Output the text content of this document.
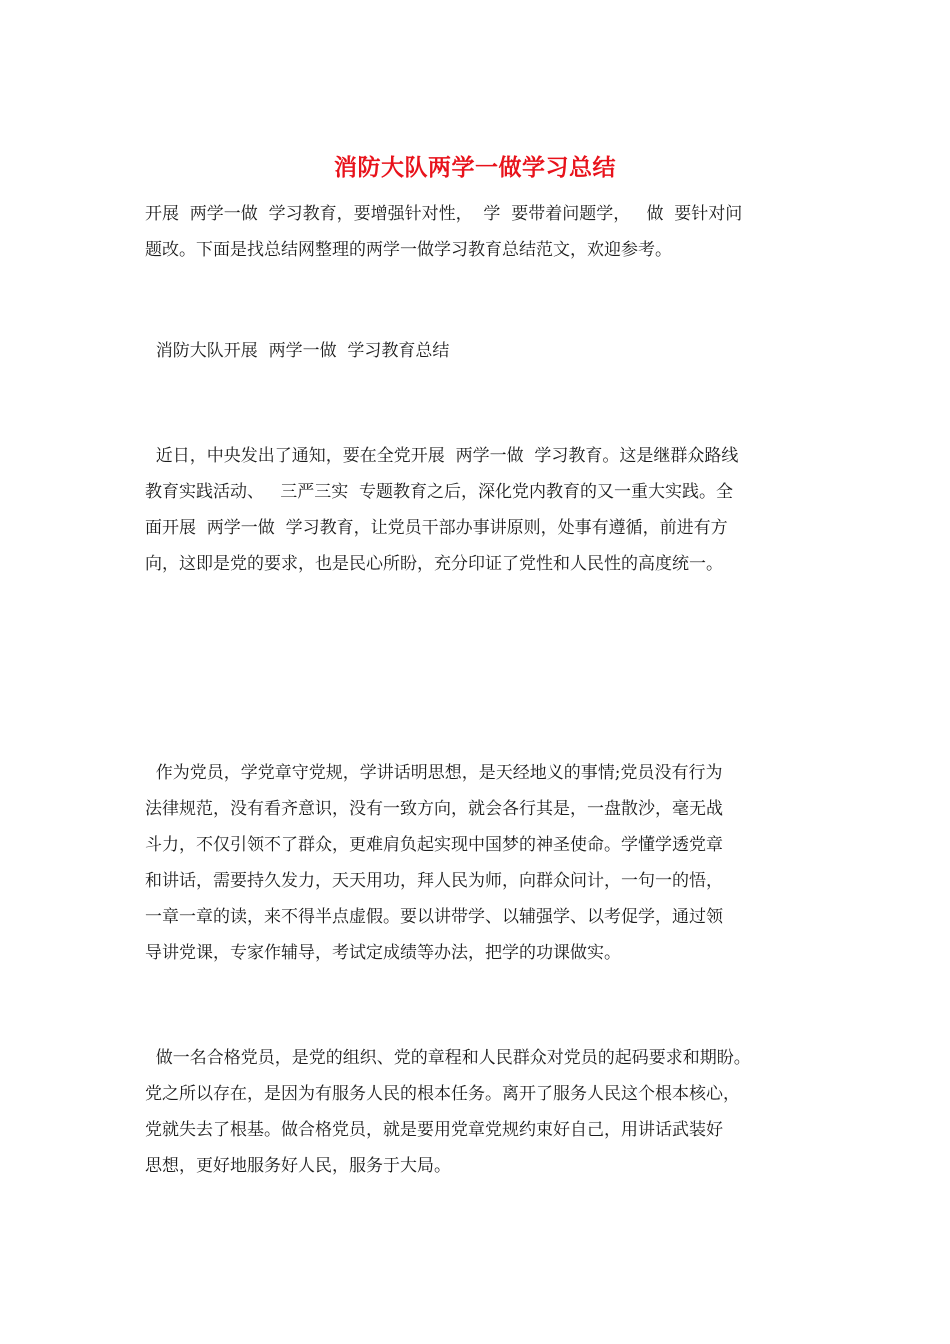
消防大队两学一做学习总结
开展  两学一做  学习教育，要增强针对性，  学  要带着问题学，   做  要针对问
题改。下面是找总结网整理的两学一做学习教育总结范文，欢迎参考。
消防大队开展  两学一做  学习教育总结
近日，中央发出了通知，要在全党开展  两学一做  学习教育。这是继群众路线
教育实践活动、   三严三实  专题教育之后，深化党内教育的又一重大实践。全
面开展  两学一做  学习教育，让党员干部办事讲原则，处事有遵循，前进有方
向，这即是党的要求，也是民心所盼，充分印证了党性和人民性的高度统一。
作为党员，学党章守党规，学讲话明思想，是天经地义的事情;党员没有行为
法律规范，没有看齐意识，没有一致方向，就会各行其是，一盘散沙，毫无战
斗力，不仅引领不了群众，更难肩负起实现中国梦的神圣使命。学懂学透党章
和讲话，需要持久发力，天天用功，拜人民为师，向群众问计，一句一的悟，
一章一章的读，来不得半点虚假。要以讲带学、以辅强学、以考促学，通过领
导讲党课，专家作辅导，考试定成绩等办法，把学的功课做实。
做一名合格党员，是党的组织、党的章程和人民群众对党员的起码要求和期盼。
党之所以存在，是因为有服务人民的根本任务。离开了服务人民这个根本核心，
党就失去了根基。做合格党员，就是要用党章党规约束好自己，用讲话武装好
思想，更好地服务好人民，服务于大局。
